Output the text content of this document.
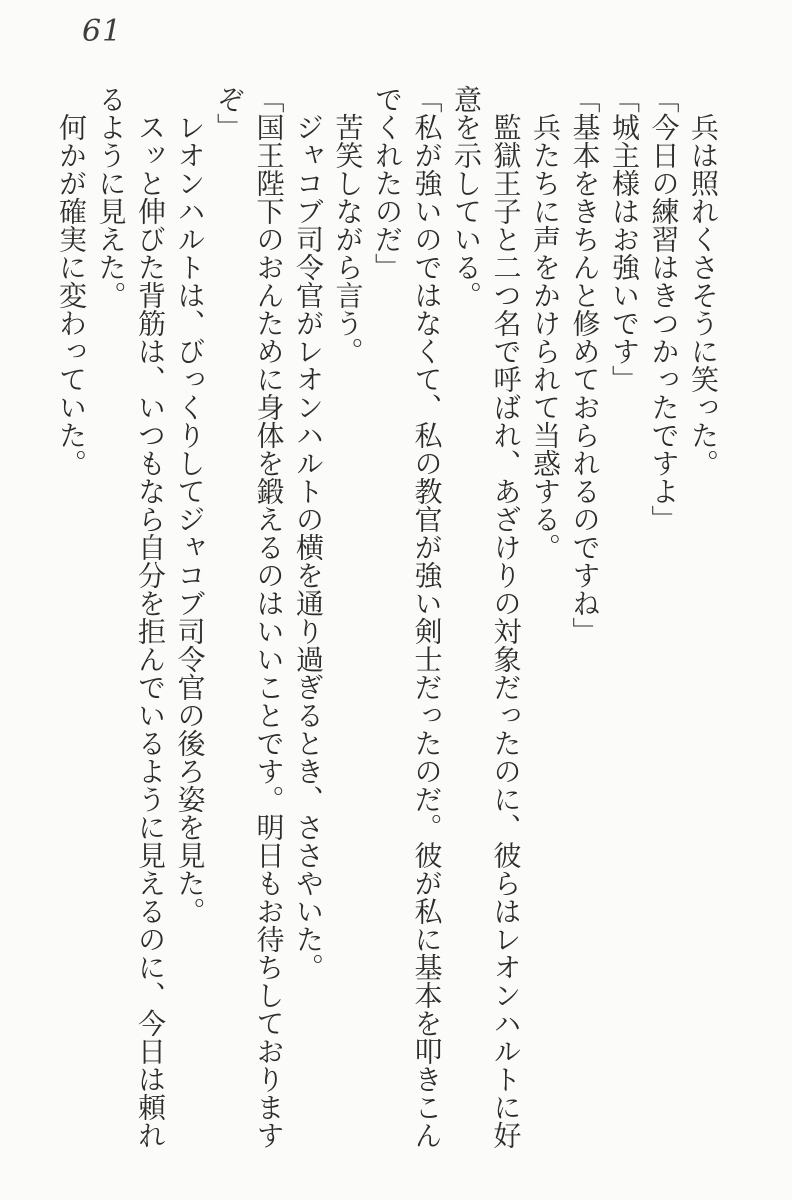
61
　兵は照れくさそうに笑った。
「今日の練習はきつかったですよ」
「城主様はお強いです」
「基本をきちんと修めておられるのですね」
　兵たちに声をかけられて当惑する。
　監獄王子と二つ名で呼ばれ、あざけりの対象だったのに、彼らはレオンハルトに好
意を示している。
「私が強いのではなくて、私の教官が強い剣士だったのだ。彼が私に基本を叩きこん
でくれたのだ」
　苦笑しながら言う。
　ジャコブ司令官がレオンハルトの横を通り過ぎるとき、ささやいた。
「国王陛下のおんために身体を鍛えるのはいいことです。明日もお待ちしております
ぞ」
　レオンハルトは、びっくりしてジャコブ司令官の後ろ姿を見た。
　スッと伸びた背筋は、いつもなら自分を拒んでいるように見えるのに、今日は頼れ
るように見えた。
　何かが確実に変わっていた。
